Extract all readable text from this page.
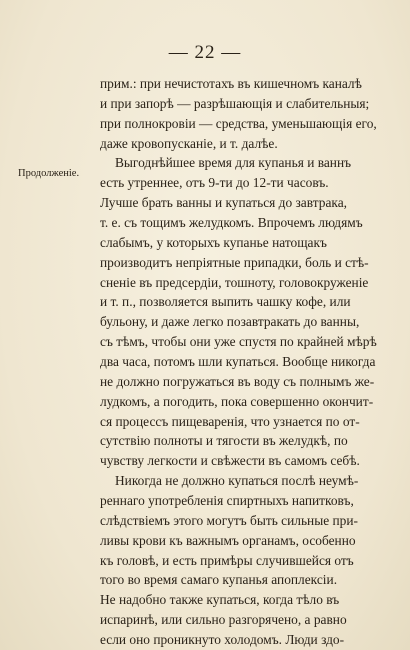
— 22 —
Продолженіе.
прим.: при нечистотахъ въ кишечномъ каналѣ
и при запорѣ — разрѣшающія и слабительныя;
при полнокровіи — средства, уменьшающія его,
даже кровопусканіе, и т. далѣе.
Выгоднѣйшее время для купанья и ваннъ
есть утреннее, отъ 9-ти до 12-ти часовъ.
Лучше брать ванны и купаться до завтрака,
т. е. съ тощимъ желудкомъ. Впрочемъ людямъ
слабымъ, у которыхъ купанье натощакъ
производитъ непріятные припадки, боль и стѣ-
сненіе въ предсердіи, тошноту, головокруженіе
и т. п., позволяется выпить чашку кофе, или
бульону, и даже легко позавтракать до ванны,
съ тѣмъ, чтобы они уже спустя по крайней мѣрѣ
два часа, потомъ шли купаться. Вообще никогда
не должно погружаться въ воду съ полнымъ же-
лудкомъ, а погодить, пока совершенно окончит-
ся процессъ пищеваренія, что узнается по от-
сутствію полноты и тягости въ желудкѣ, по
чувству легкости и свѣжести въ самомъ себѣ.
Никогда не должно купаться послѣ неумѣ-
реннаго употребленія спиртныхъ напитковъ,
слѣдствіемъ этого могутъ быть сильные при-
ливы крови къ важнымъ органамъ, особенно
къ головѣ, и есть примѣры случившейся отъ
того во время самаго купанья апоплексіи.
Не надобно также купаться, когда тѣло въ
испаринѣ, или сильно разгорячено, а равно
если оно проникнуто холодомъ. Люди здо-
